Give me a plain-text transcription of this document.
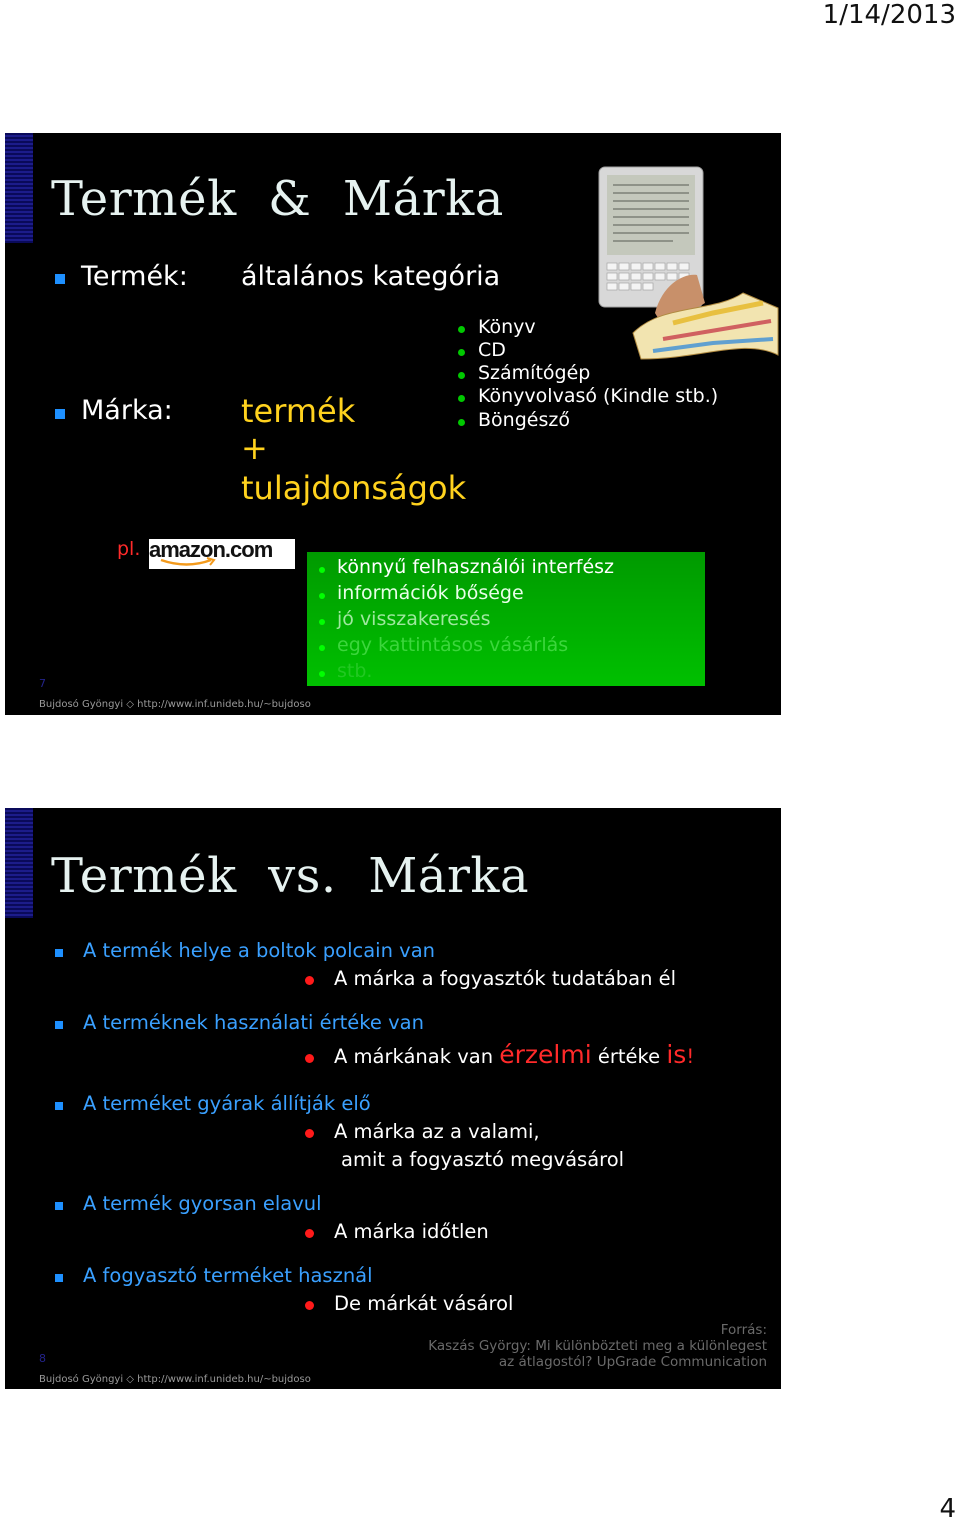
1/14/2013
Termék & Márka
Termék: általános kategória
Könyv
CD
Számítógép
Könyvolvasó (Kindle stb.)
Böngésző
Márka: termék
+
tulajdonságok
pl. amazon.com
könnyű felhasználói interfész
információk bősége
jó visszakeresés
egy kattintásos vásárlás
stb.
7
Bujdosó Gyöngyi ◇ http://www.inf.unideb.hu/~bujdoso
Termék vs. Márka
A termék helye a boltok polcain van
A márka a fogyasztók tudatában él
A terméknek használati értéke van
A márkának van érzelmi értéke is!
A terméket gyárak állítják elő
A márka az a valami,
amit a fogyasztó megvásárol
A termék gyorsan elavul
A márka időtlen
A fogyasztó terméket használ
De márkát vásárol
Forrás:
Kaszás György: Mi különbözteti meg a különlegest
az átlagostól? UpGrade Communication
8
Bujdosó Gyöngyi ◇ http://www.inf.unideb.hu/~bujdoso
4
